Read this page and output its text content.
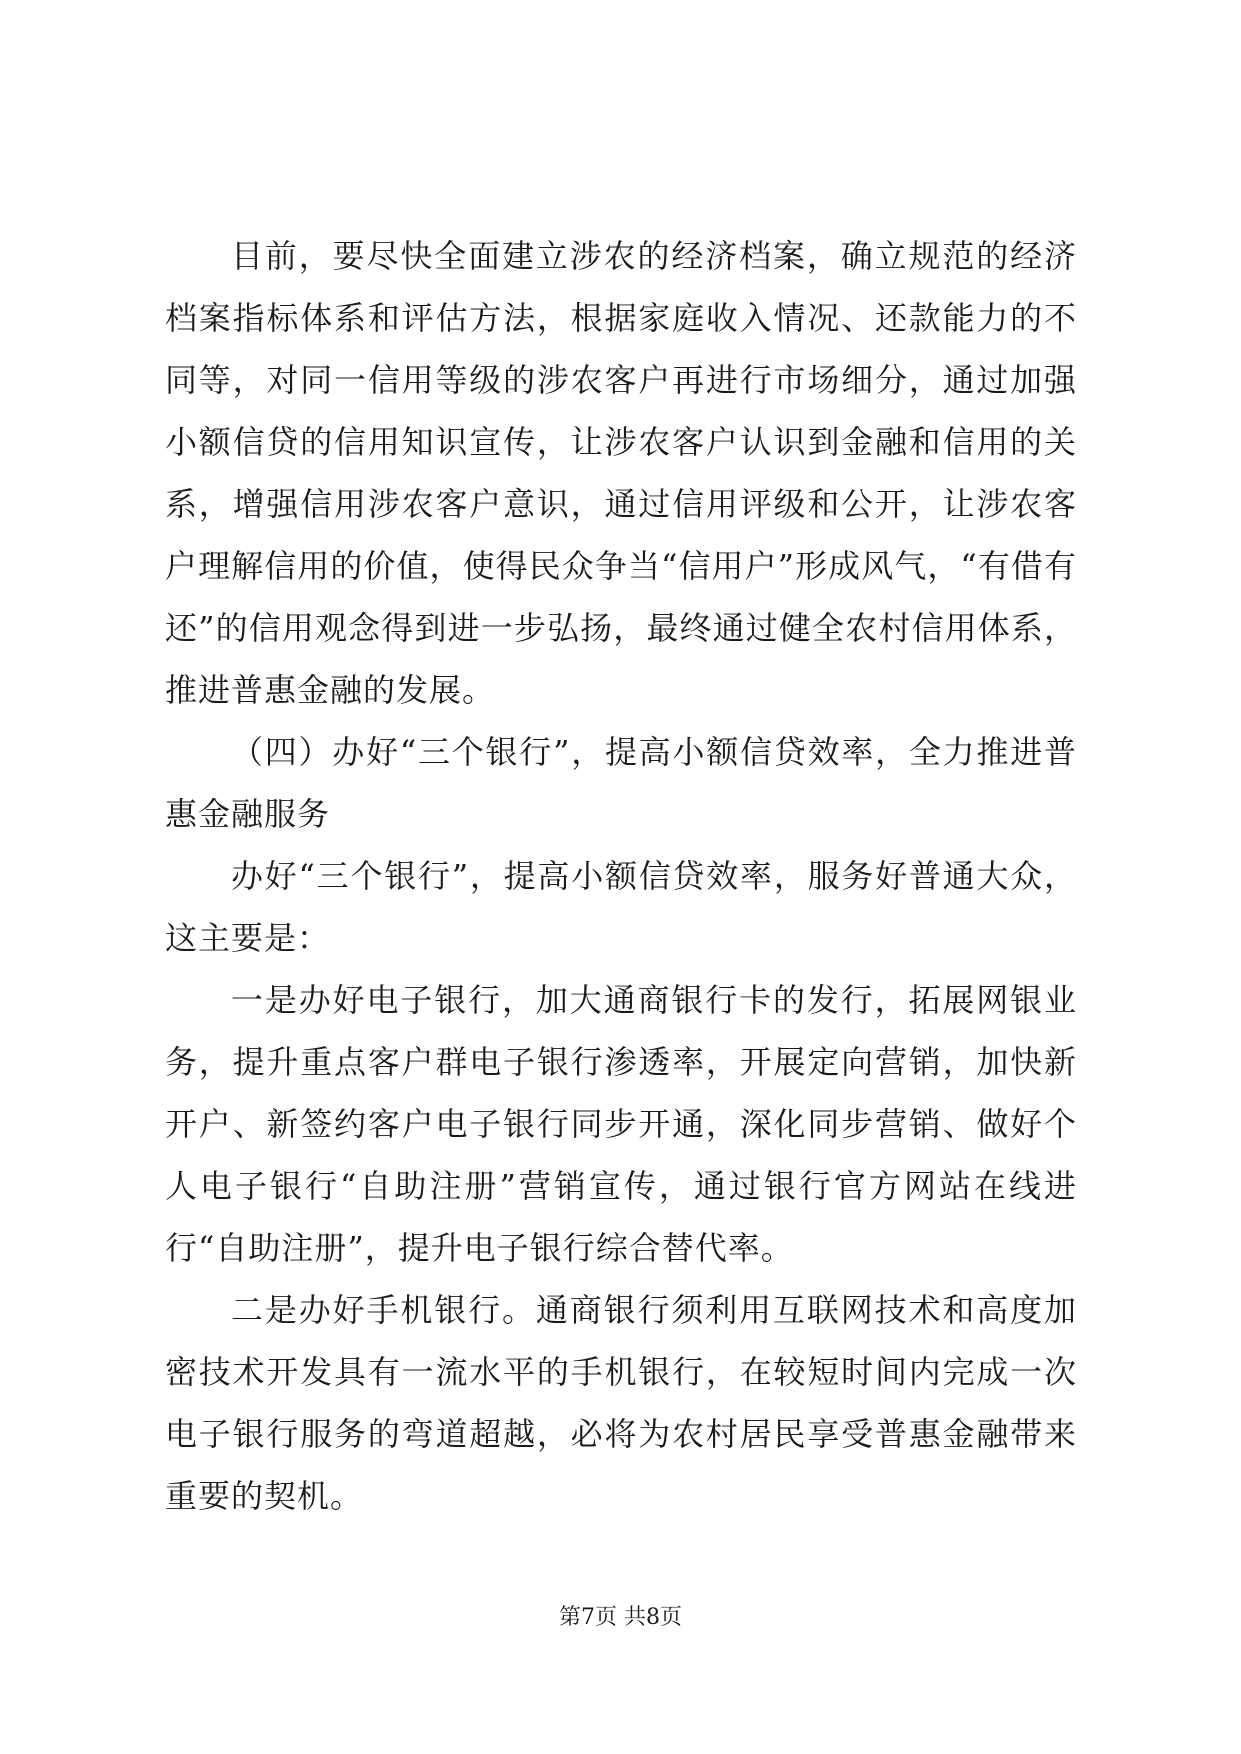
目前，要尽快全面建立涉农的经济档案，确立规范的经济档案指标体系和评估方法，根据家庭收入情况、还款能力的不同等，对同一信用等级的涉农客户再进行市场细分，通过加强小额信贷的信用知识宣传，让涉农客户认识到金融和信用的关系，增强信用涉农客户意识，通过信用评级和公开，让涉农客户理解信用的价值，使得民众争当“信用户”形成风气，“有借有还”的信用观念得到进一步弘扬，最终通过健全农村信用体系，推进普惠金融的发展。

（四）办好“三个银行”，提高小额信贷效率，全力推进普惠金融服务

办好“三个银行”，提高小额信贷效率，服务好普通大众，这主要是：

一是办好电子银行，加大通商银行卡的发行，拓展网银业务，提升重点客户群电子银行渗透率，开展定向营销，加快新开户、新签约客户电子银行同步开通，深化同步营销、做好个人电子银行“自助注册”营销宣传，通过银行官方网站在线进行“自助注册”，提升电子银行综合替代率。

二是办好手机银行。通商银行须利用互联网技术和高度加密技术开发具有一流水平的手机银行，在较短时间内完成一次电子银行服务的弯道超越，必将为农村居民享受普惠金融带来重要的契机。

第7页 共8页
